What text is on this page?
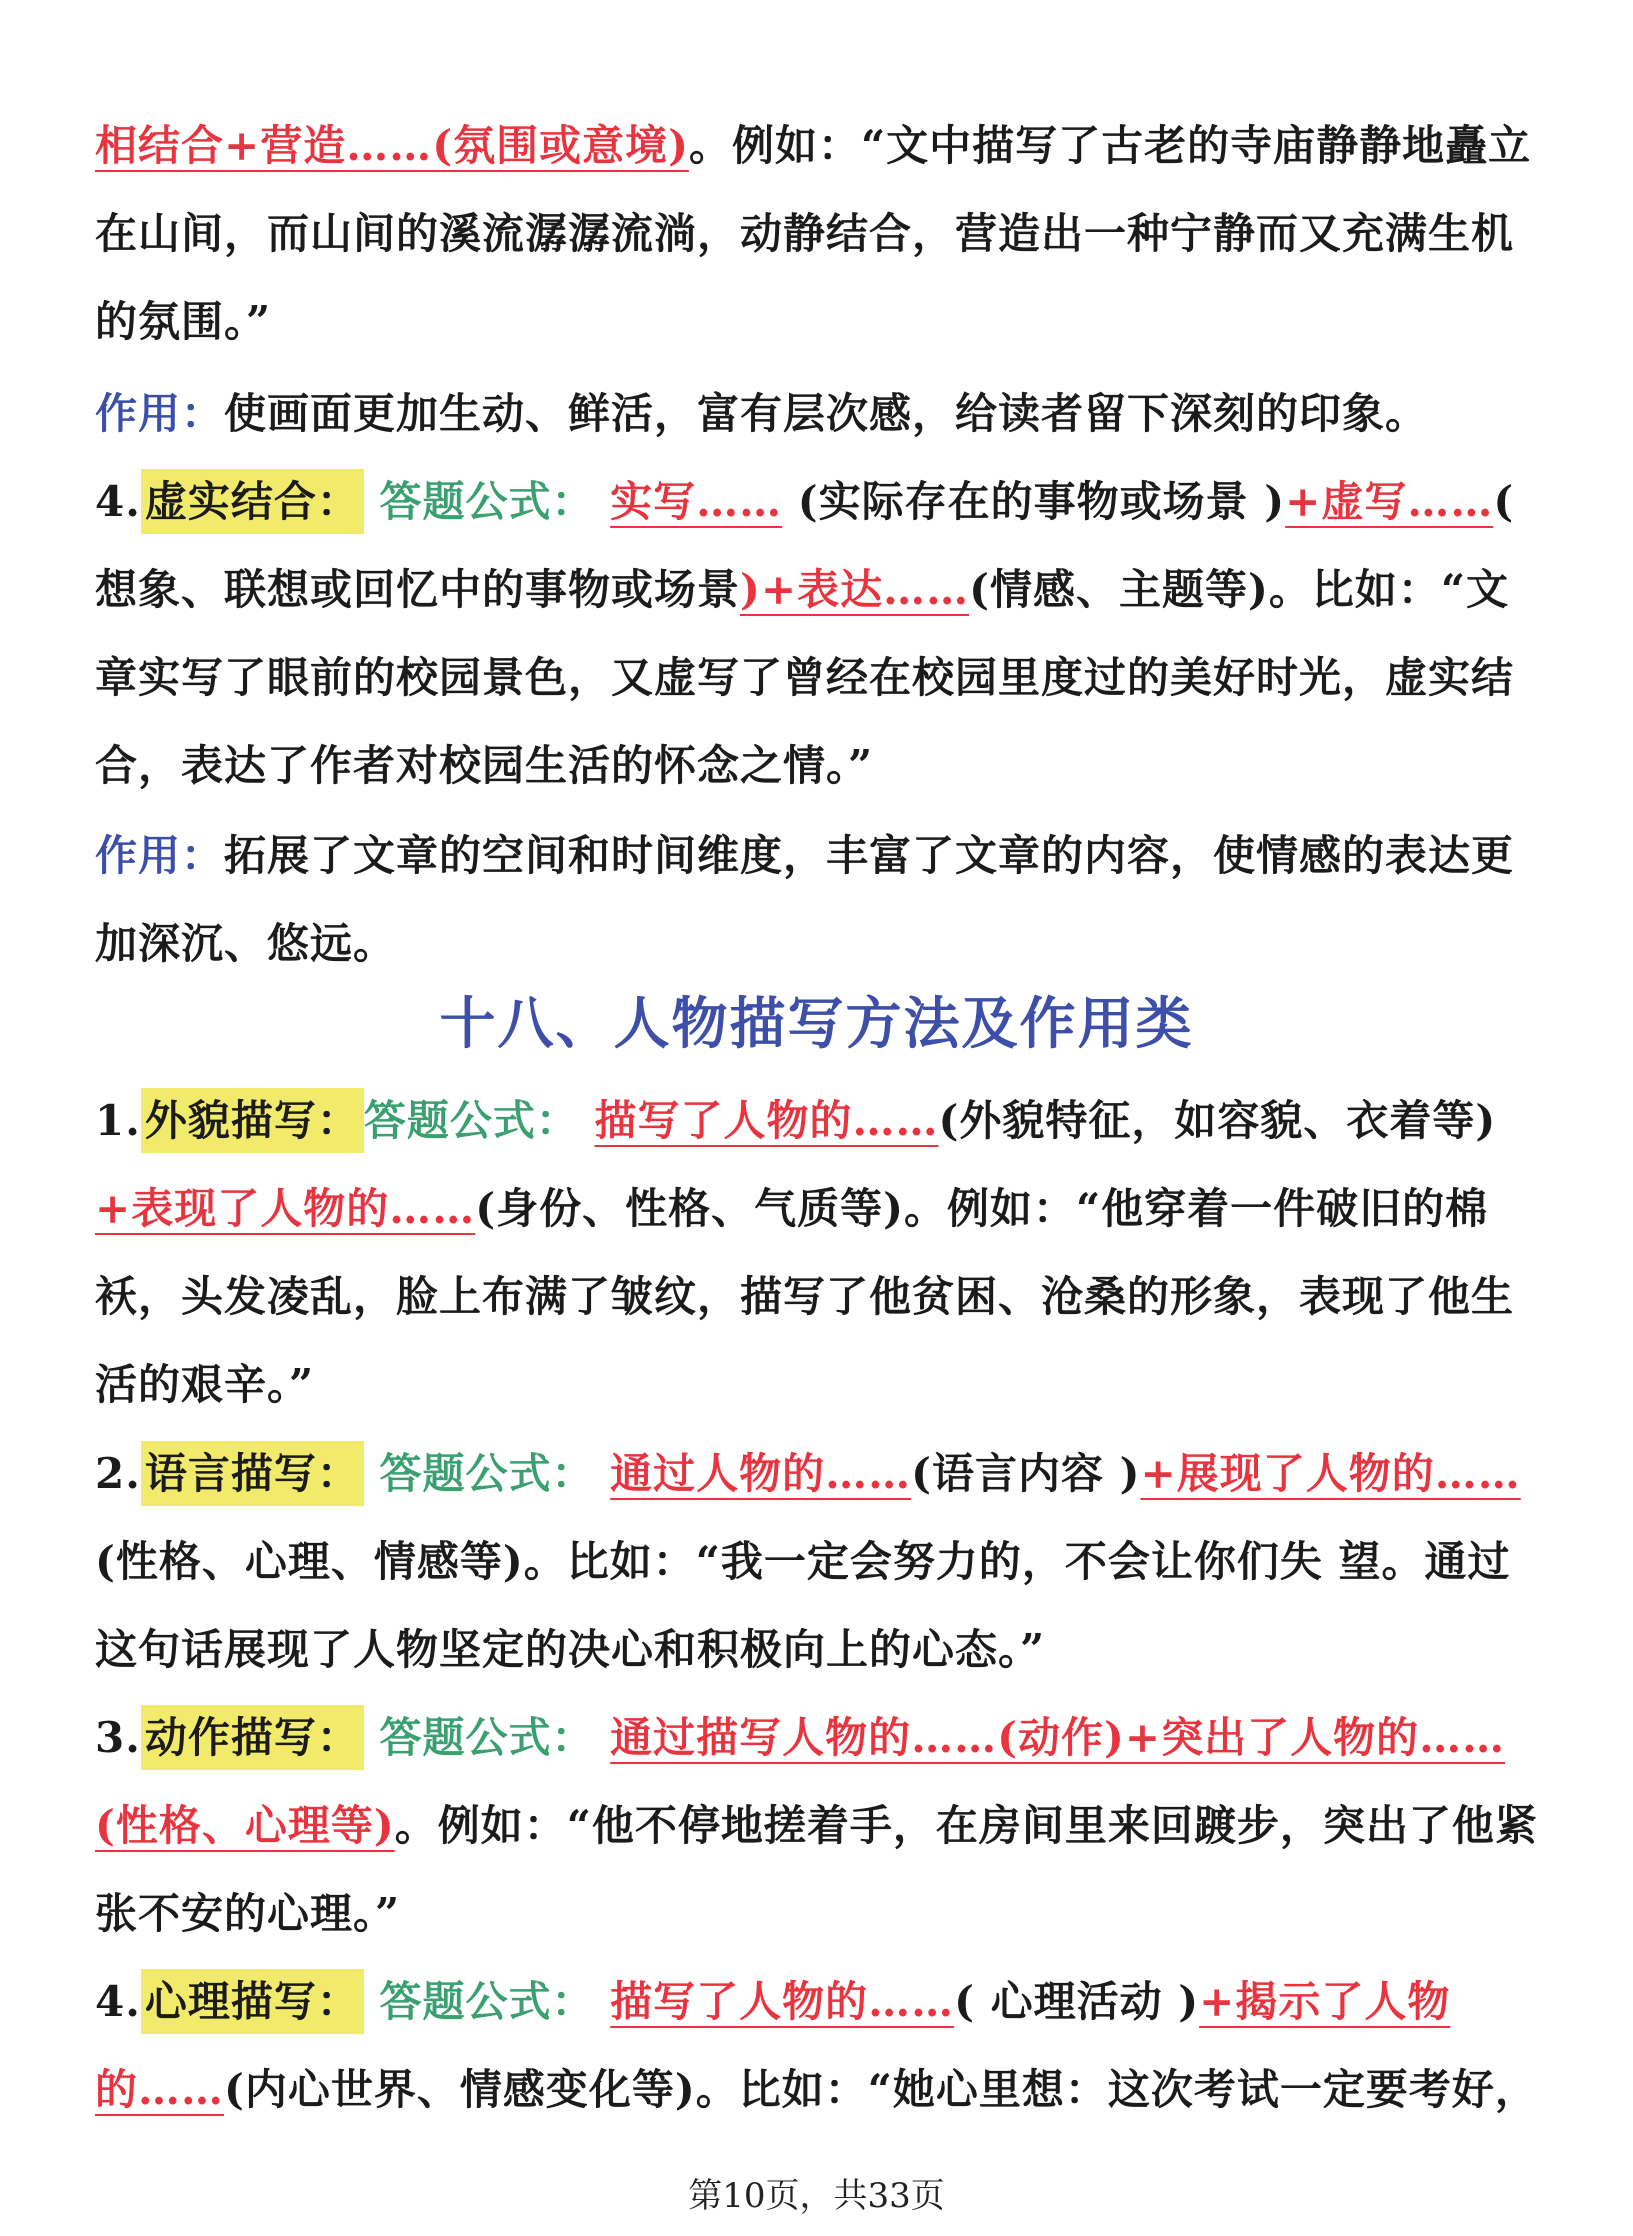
相结合+营造……(氛围或意境)。例如：“文中描写了古老的寺庙静静地矗立在山间，而山间的溪流潺潺流淌，动静结合，营造出一种宁静而又充满生机的氛围。”
作用：使画面更加生动、鲜活，富有层次感，给读者留下深刻的印象。
4.虚实结合： 答题公式： 实写…… (实际存在的事物或场景 )+虚写……( 想象、联想或回忆中的事物或场景)+表达……(情感、主题等)。比如：“文章实写了眼前的校园景色，又虚写了曾经在校园里度过的美好时光，虚实结合，表达了作者对校园生活的怀念之情。”
作用：拓展了文章的空间和时间维度，丰富了文章的内容，使情感的表达更加深沉、悠远。
十八、人物描写方法及作用类
1.外貌描写：答题公式： 描写了人物的……(外貌特征，如容貌、衣着等) +表现了人物的……(身份、性格、气质等)。例如：“他穿着一件破旧的棉袄，头发凌乱，脸上布满了皱纹，描写了他贫困、沧桑的形象，表现了他生活的艰辛。”
2.语言描写： 答题公式： 通过人物的……(语言内容 )+展现了人物的…… (性格、心理、情感等)。比如：“我一定会努力的，不会让你们失 望。通过这句话展现了人物坚定的决心和积极向上的心态。”
3.动作描写： 答题公式： 通过描写人物的……(动作)+突出了人物的……(性格、心理等)。例如：“他不停地搓着手，在房间里来回踱步，突出了他紧张不安的心理。”
4.心理描写： 答题公式： 描写了人物的……( 心理活动 )+揭示了人物的……(内心世界、情感变化等)。比如：“她心里想：这次考试一定要考好，
第10页，共33页
